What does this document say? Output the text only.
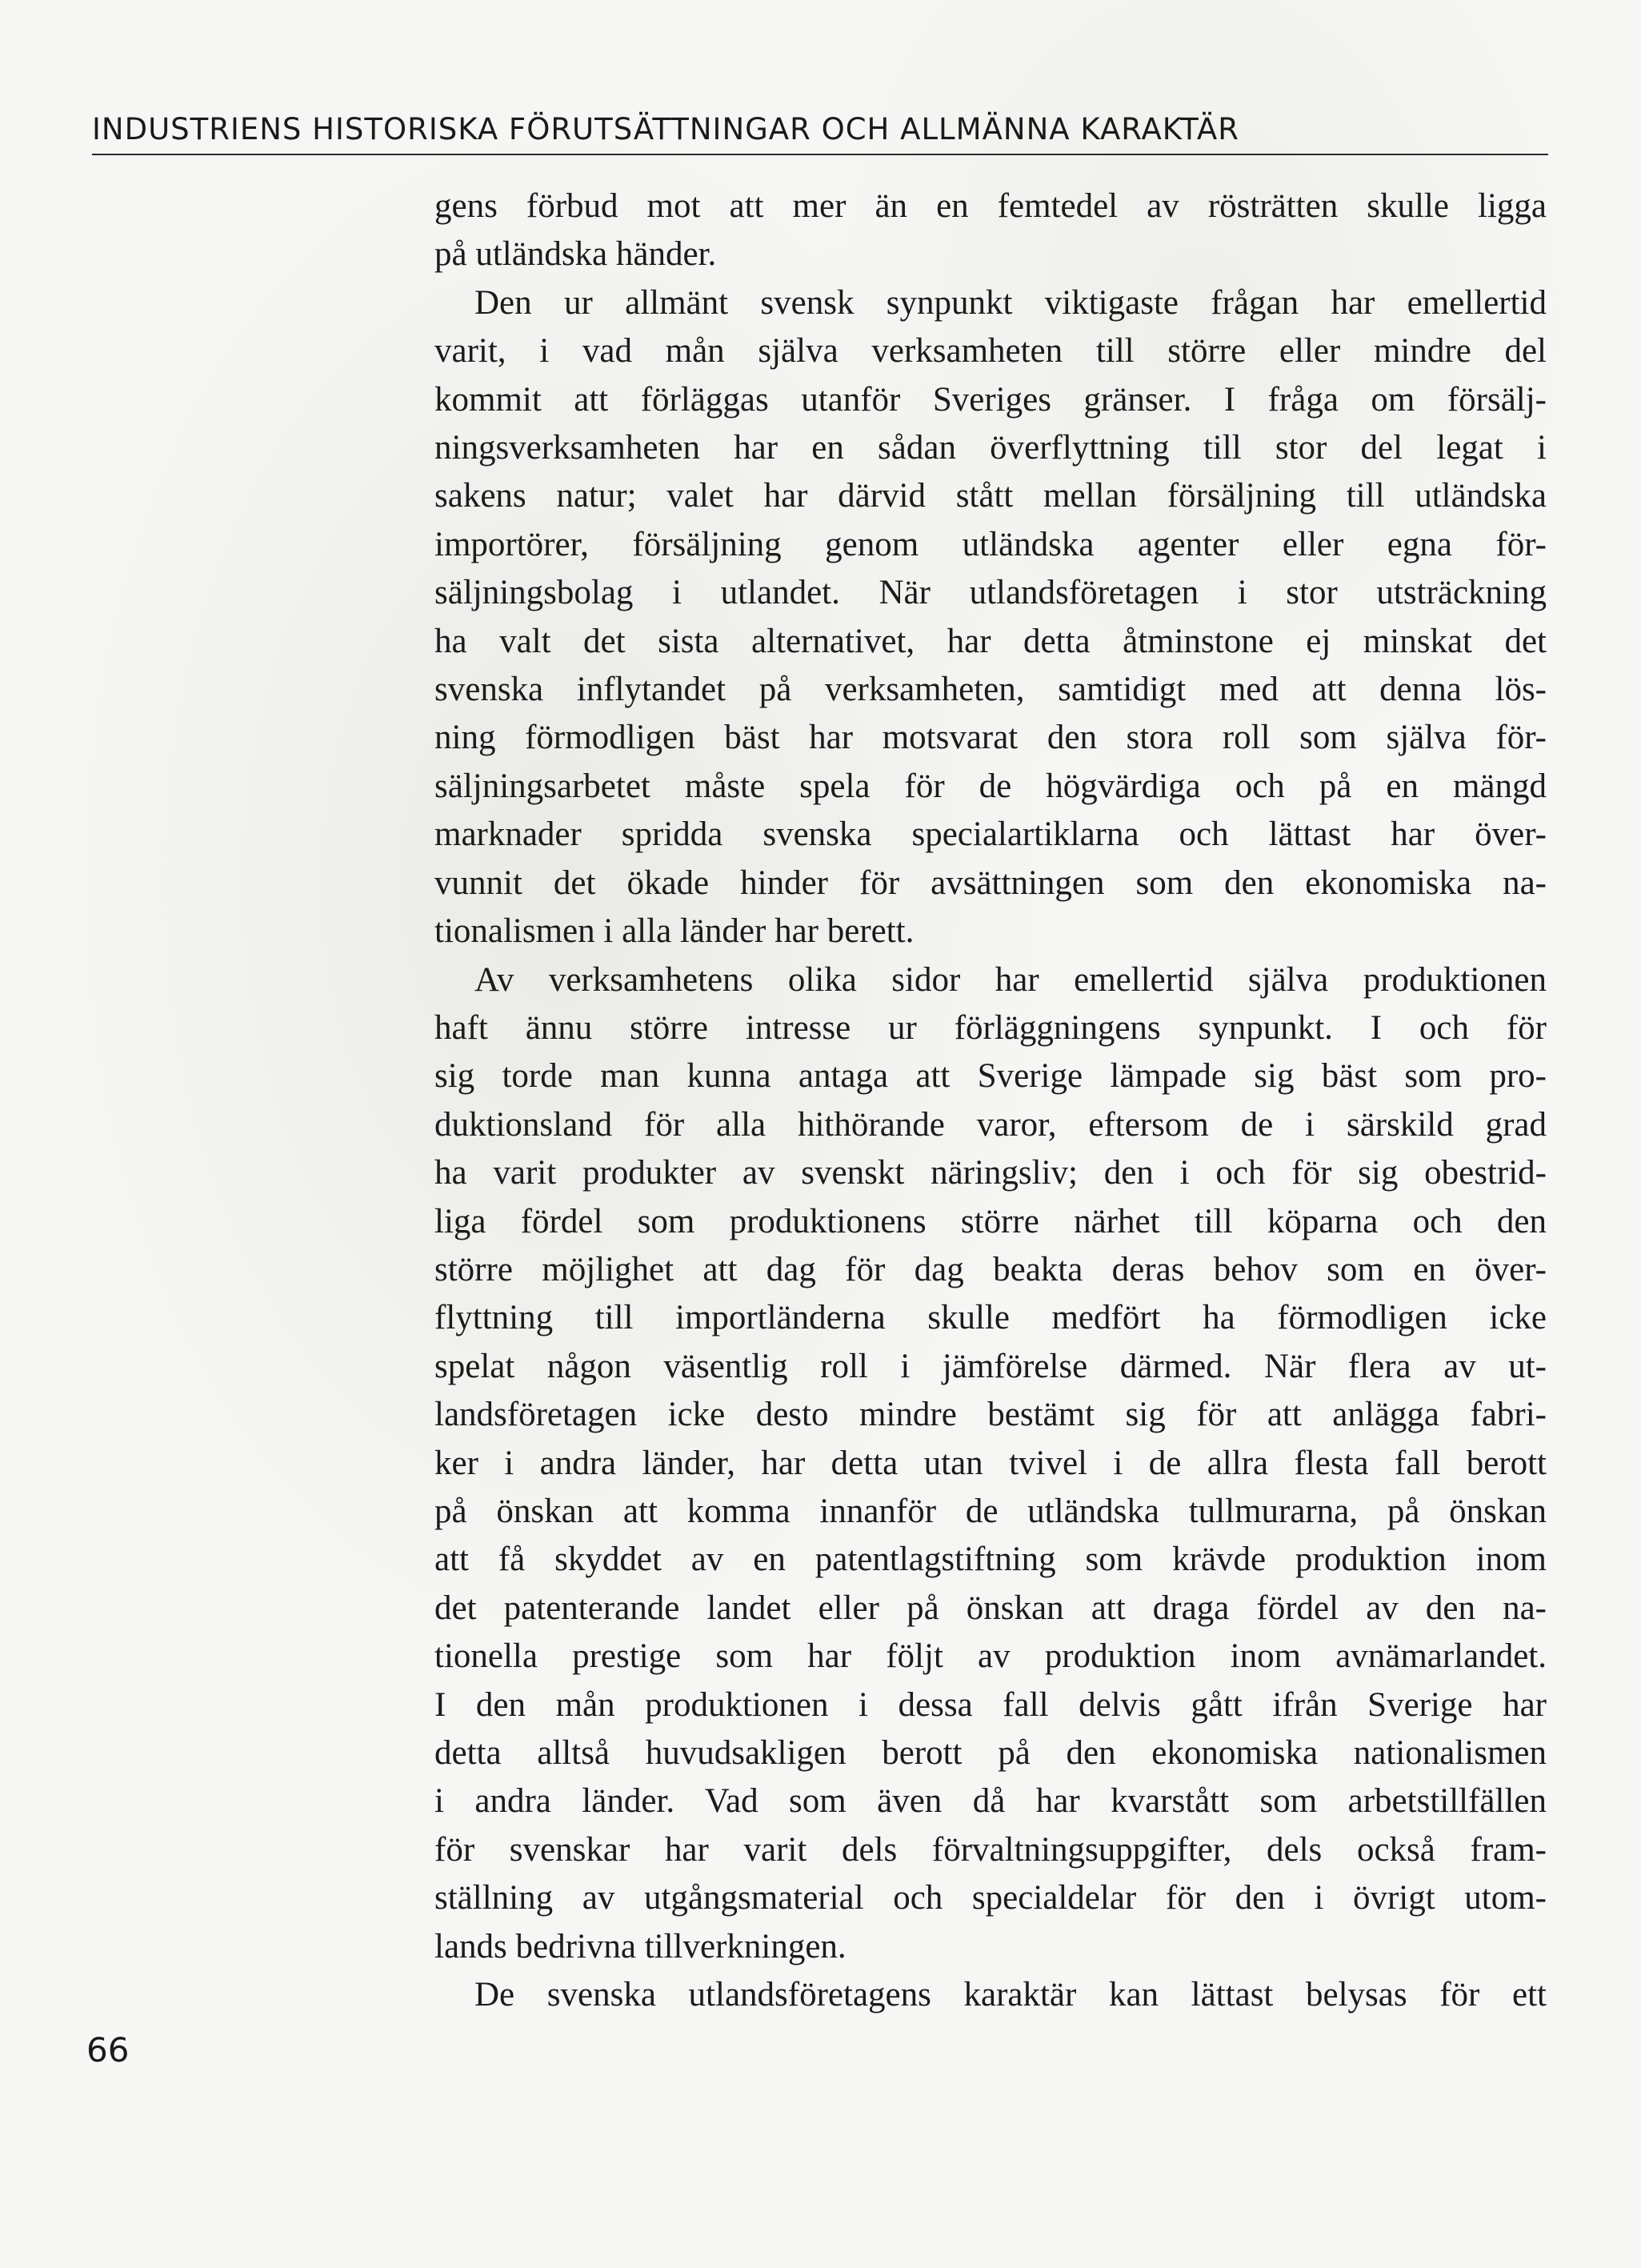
INDUSTRIENS HISTORISKA FÖRUTSÄTTNINGAR OCH ALLMÄNNA KARAKTÄR
gens förbud mot att mer än en femtedel av rösträtten skulle ligga
på utländska händer.
Den ur allmänt svensk synpunkt viktigaste frågan har emellertid
varit, i vad mån själva verksamheten till större eller mindre del
kommit att förläggas utanför Sveriges gränser. I fråga om försälj-
ningsverksamheten har en sådan överflyttning till stor del legat i
sakens natur; valet har därvid stått mellan försäljning till utländska
importörer, försäljning genom utländska agenter eller egna för-
säljningsbolag i utlandet. När utlandsföretagen i stor utsträckning
ha valt det sista alternativet, har detta åtminstone ej minskat det
svenska inflytandet på verksamheten, samtidigt med att denna lös-
ning förmodligen bäst har motsvarat den stora roll som själva för-
säljningsarbetet måste spela för de högvärdiga och på en mängd
marknader spridda svenska specialartiklarna och lättast har över-
vunnit det ökade hinder för avsättningen som den ekonomiska na-
tionalismen i alla länder har berett.
Av verksamhetens olika sidor har emellertid själva produktionen
haft ännu större intresse ur förläggningens synpunkt. I och för
sig torde man kunna antaga att Sverige lämpade sig bäst som pro-
duktionsland för alla hithörande varor, eftersom de i särskild grad
ha varit produkter av svenskt näringsliv; den i och för sig obestrid-
liga fördel som produktionens större närhet till köparna och den
större möjlighet att dag för dag beakta deras behov som en över-
flyttning till importländerna skulle medfört ha förmodligen icke
spelat någon väsentlig roll i jämförelse därmed. När flera av ut-
landsföretagen icke desto mindre bestämt sig för att anlägga fabri-
ker i andra länder, har detta utan tvivel i de allra flesta fall berott
på önskan att komma innanför de utländska tullmurarna, på önskan
att få skyddet av en patentlagstiftning som krävde produktion inom
det patenterande landet eller på önskan att draga fördel av den na-
tionella prestige som har följt av produktion inom avnämarlandet.
I den mån produktionen i dessa fall delvis gått ifrån Sverige har
detta alltså huvudsakligen berott på den ekonomiska nationalismen
i andra länder. Vad som även då har kvarstått som arbetstillfällen
för svenskar har varit dels förvaltningsuppgifter, dels också fram-
ställning av utgångsmaterial och specialdelar för den i övrigt utom-
lands bedrivna tillverkningen.
De svenska utlandsföretagens karaktär kan lättast belysas för ett
66
